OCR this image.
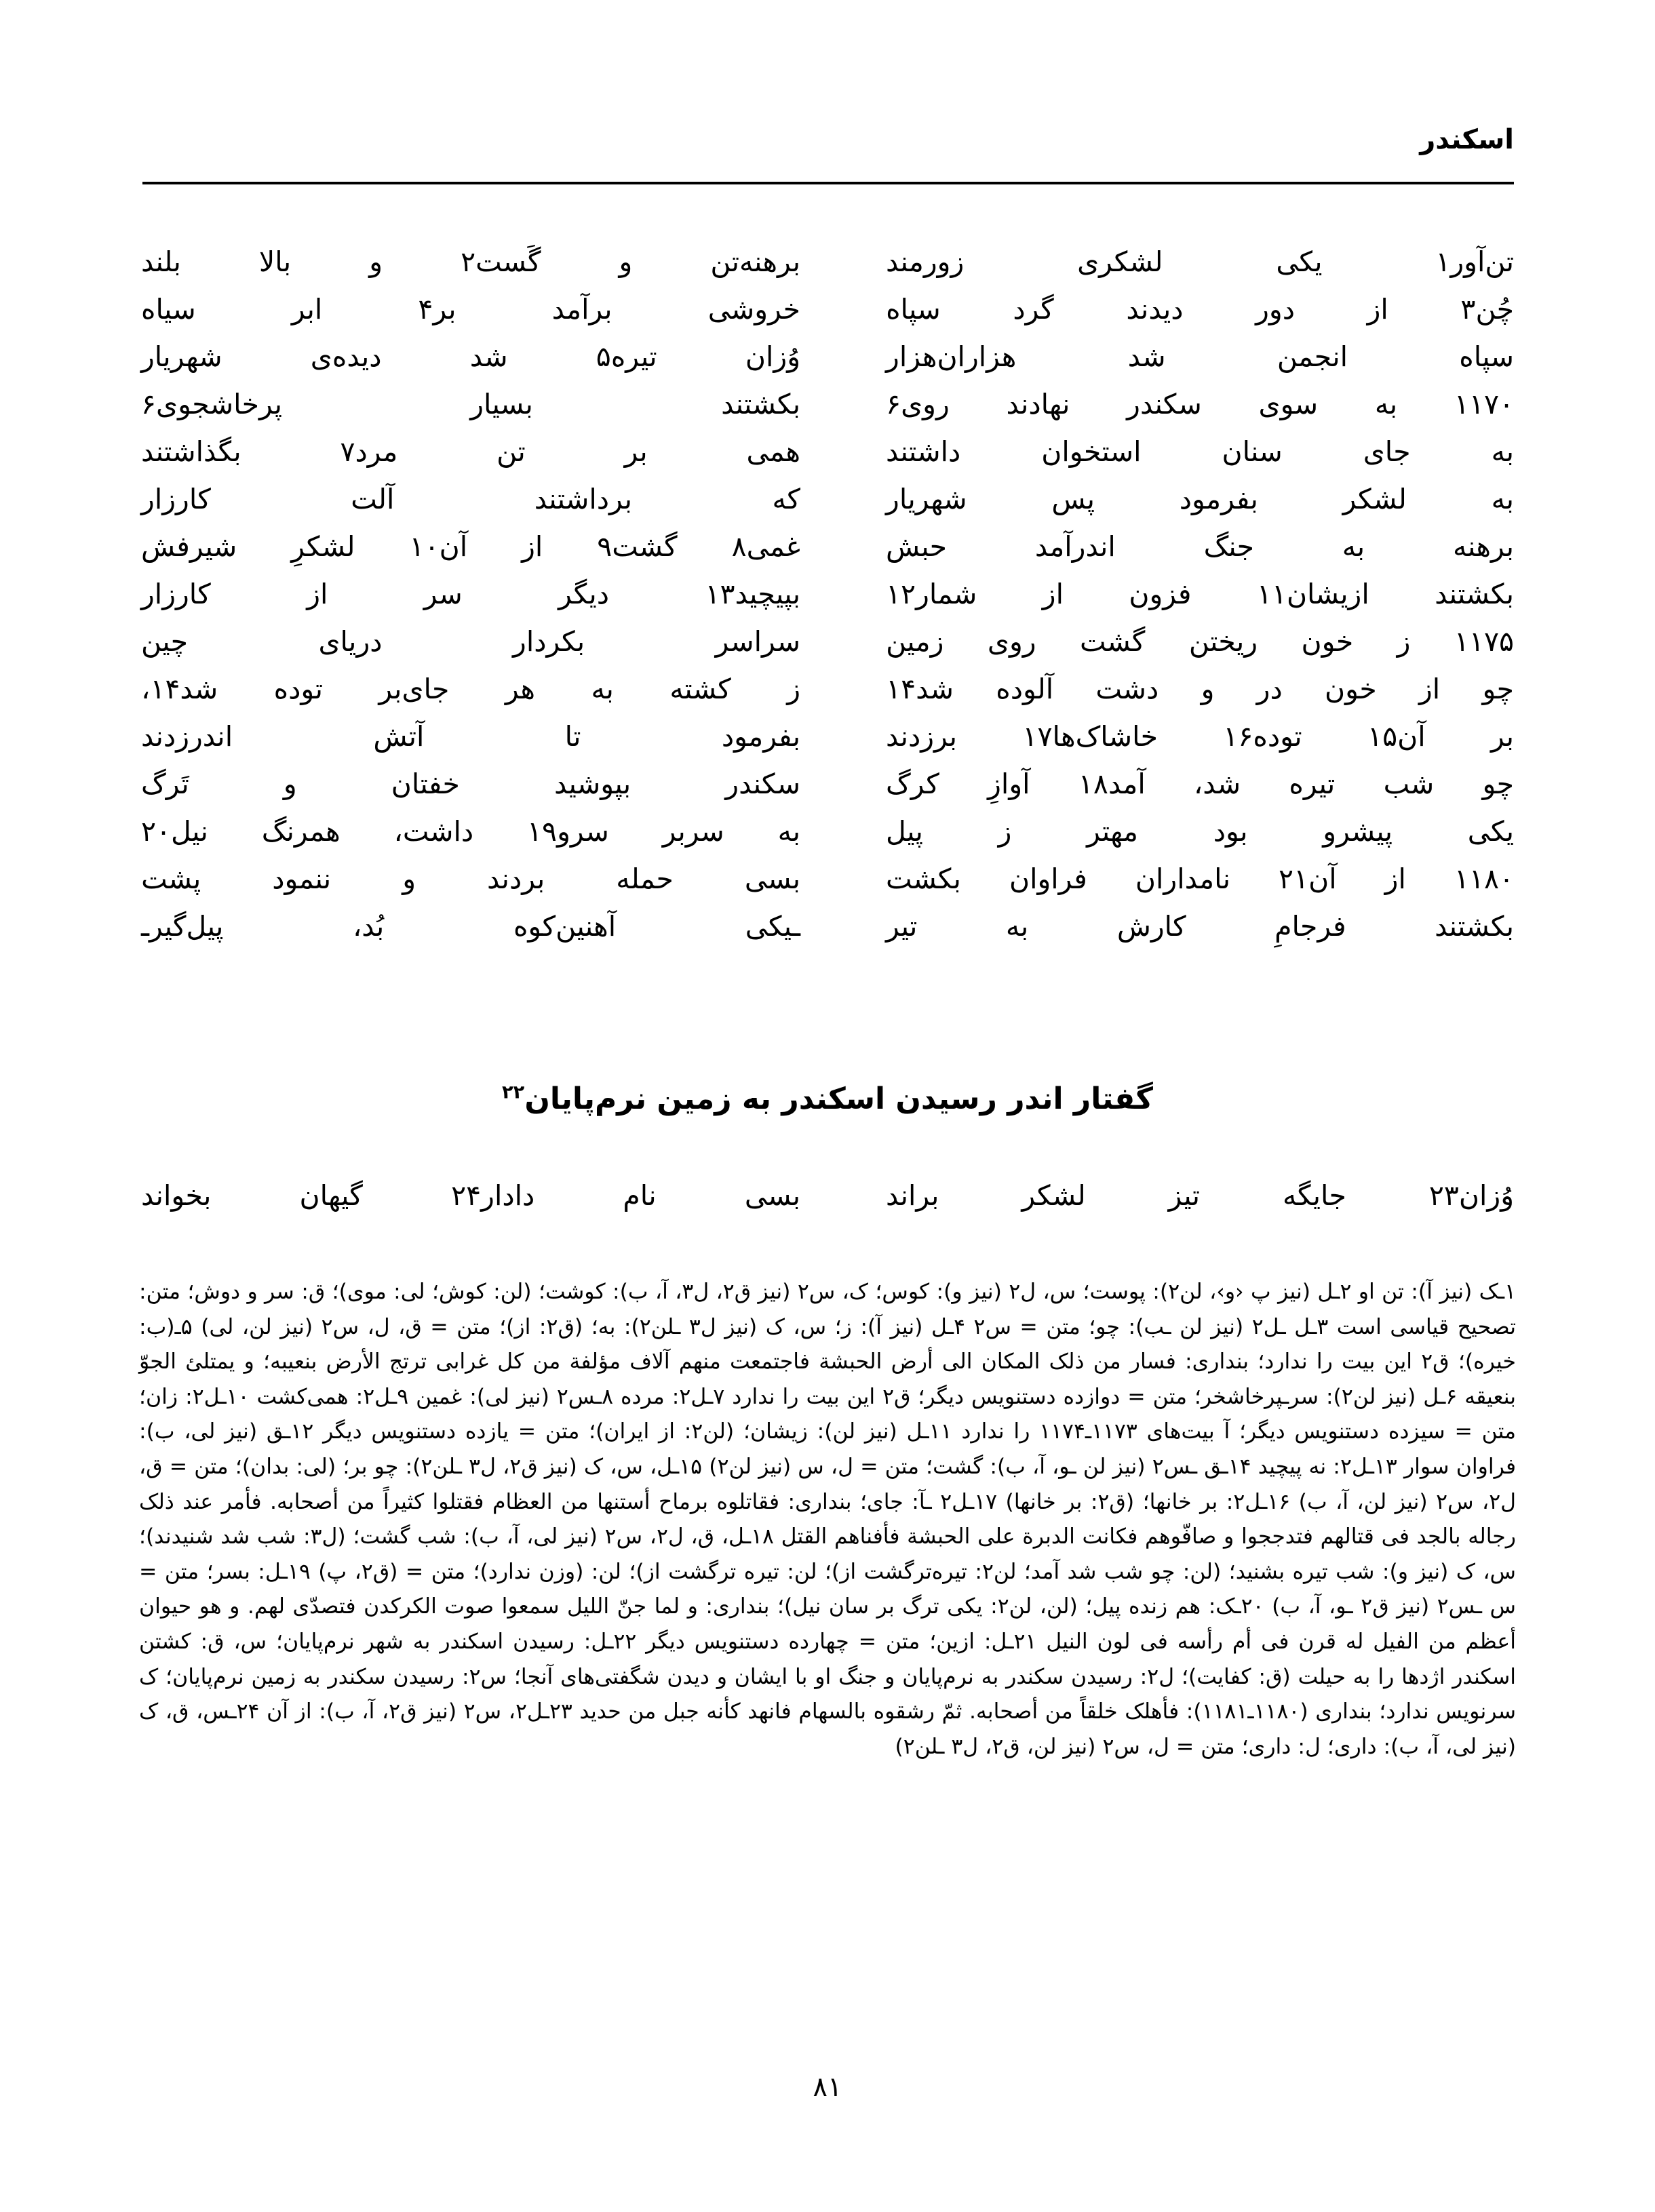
اسکندر
تن‌آور۱
یکی
لشکری
زورمند
برهنه‌تن
و
گَست۲
و
بالا
بلند
چُن۳
از
دور
دیدند
گرد
سپاه
خروشی
برآمد
بر۴
ابر
سیاه
سپاه
انجمن
شد
هزاران‌هزار
وُزان
تیره۵
شد
دیده‌ی
شهریار
۱۱۷۰
به
سوی
سکندر
نهادند
روی۶
بکشتند
بسیار
پرخاشجوی۶
به
جای
سنان
استخوان
داشتند
همی
بر
تن
مرد۷
بگذاشتند
به
لشکر
بفرمود
پس
شهریار
که
برداشتند
آلت
کارزار
برهنه
به
جنگ
اندرآمد
حبش
غمی۸
گشت۹
از
آن۱۰
لشکرِ
شیرفش
بکشتند
ازیشان۱۱
فزون
از
شمار۱۲
بپیچید۱۳
دیگر
سر
از
کارزار
۱۱۷۵
ز
خون
ریختن
گشت
روی
زمین
سراسر
بکردار
دریای
چین
چو
از
خون
در
و
دشت
آلوده
شد۱۴
ز
کشته
به
هر
جای‌بر
توده
شد۱۴،
بر
آن۱۵
توده۱۶
خاشاک‌ها۱۷
برزدند
بفرمود
تا
آتش
اندرزدند
چو
شب
تیره
شد،
آمد۱۸
آوازِ
کرگ
سکندر
بپوشید
خفتان
و
تَرگ
یکی
پیشرو
بود
مهتر
ز
پیل
به
سربر
سرو۱۹
داشت،
همرنگ
نیل۲۰
۱۱۸۰
از
آن۲۱
نامداران
فراوان
بکشت
بسی
حمله
بردند
و
ننمود
پشت
بکشتند
فرجامِ
کارش
به
تیر
ـیکی
آهنین‌کوه
بُد،
پیل‌گیرـ
گفتار اندر رسیدن اسکندر به زمین نرم‌پایان$^{۲۲}$
وُزان۲۳
جایگه
تیز
لشکر
براند
بسی
نام
دادار۲۴
گیهان
بخواند

۱ـک (نیز آ): تن او ۲ـل (نیز پ ‹و›، لن۲): پوست؛ س، ل۲ (نیز و): کوس؛ ک، س۲ (نیز ق۲، ل۳، آ، ب): کوشت؛ (لن: کوش؛ لی: موی)؛ ق: سر و دوش؛ متن: تصحیح قیاسی است ۳ـل ـل۲ (نیز لن ـب): چو؛ متن = س۲ ۴ـل (نیز آ): ز؛ س، ک (نیز ل۳ ـلن۲): به؛ (ق۲: از)؛ متن = ق، ل، س۲ (نیز لن، لی) ۵ـ(ب: خیره)؛ ق۲ این بیت را ندارد؛ بنداری: فسار من ذلک المکان الی أرض الحبشة فاجتمعت منهم آلاف مؤلفة من کل غرابی ترتج الأرض بنعیبه؛ و یمتلئ الجوّ بنعیقه ۶ـل (نیز لن۲): سرـپرخاشخر؛ متن = دوازده دستنویس دیگر؛ ق۲ این بیت را ندارد ۷ـل۲: مرده ۸ـس۲ (نیز لی): غمین ۹ـل۲: همی‌کشت ۱۰ـل۲: زان؛ متن = سیزده دستنویس دیگر؛ آ بیت‌های ۱۱۷۳ـ۱۱۷۴ را ندارد ۱۱ـل (نیز لن): زیشان؛ (لن۲: از ایران)؛ متن = یازده دستنویس دیگر ۱۲ـق (نیز لی، ب): فراوان سوار ۱۳ـل۲: نه پیچید ۱۴ـق ـس۲ (نیز لن ـو، آ، ب): گشت؛ متن = ل، س (نیز لن۲) ۱۵ـل، س، ک (نیز ق۲، ل۳ ـلن۲): چو بر؛ (لی: بدان)؛ متن = ق، ل۲، س۲ (نیز لن، آ، ب) ۱۶ـل۲: بر خانها؛ (ق۲: بر خانها) ۱۷ـل۲ ـآ: جای؛ بنداری: فقاتلوه برماح أستنها من العظام فقتلوا کثیراً من أصحابه. فأمر عند ذلک رجاله بالجد فی قتالهم فتدججوا و صافّوهم فکانت الدبرة علی الحبشة فأفناهم القتل ۱۸ـل، ق، ل۲، س۲ (نیز لی، آ، ب): شب گشت؛ (ل۳: شب شد شنیدند)؛ س، ک (نیز و): شب تیره بشنید؛ (لن: چو شب شد آمد؛ لن۲: تیره‌ترگشت از)؛ لن: تیره ترگشت از)؛ لن: (وزن ندارد)؛ متن = (ق۲، پ) ۱۹ـل: بسر؛ متن = س ـس۲ (نیز ق۲ ـو، آ، ب) ۲۰ـک: هم زنده پیل؛ (لن، لن۲: یکی ترگ بر سان نیل)؛ بنداری: و لما جنّ اللیل سمعوا صوت الکرکدن فتصدّی لهم. و هو حیوان أعظم من الفیل له قرن فی أم رأسه فی لون النیل ۲۱ـل: ازین؛ متن = چهارده دستنویس دیگر ۲۲ـل: رسیدن اسکندر به شهر نرم‌پایان؛ س، ق: کشتن اسکندر اژدها را به حیلت (ق: کفایت)؛ ل۲: رسیدن سکندر به نرم‌پایان و جنگ او با ایشان و دیدن شگفتی‌های آنجا؛ س۲: رسیدن سکندر به زمین نرم‌پایان؛ ک سرنویس ندارد؛ بنداری (۱۱۸۰ـ۱۱۸۱): فأهلک خلقاً من أصحابه. ثمّ رشقوه بالسهام فانهد کأنه جبل من حدید ۲۳ـل۲، س۲ (نیز ق۲، آ، ب): از آن ۲۴ـس، ق، ک (نیز لی، آ، ب): داری؛ ل: داری؛ متن = ل، س۲ (نیز لن، ق۲، ل۳ ـلن۲)

۸۱
